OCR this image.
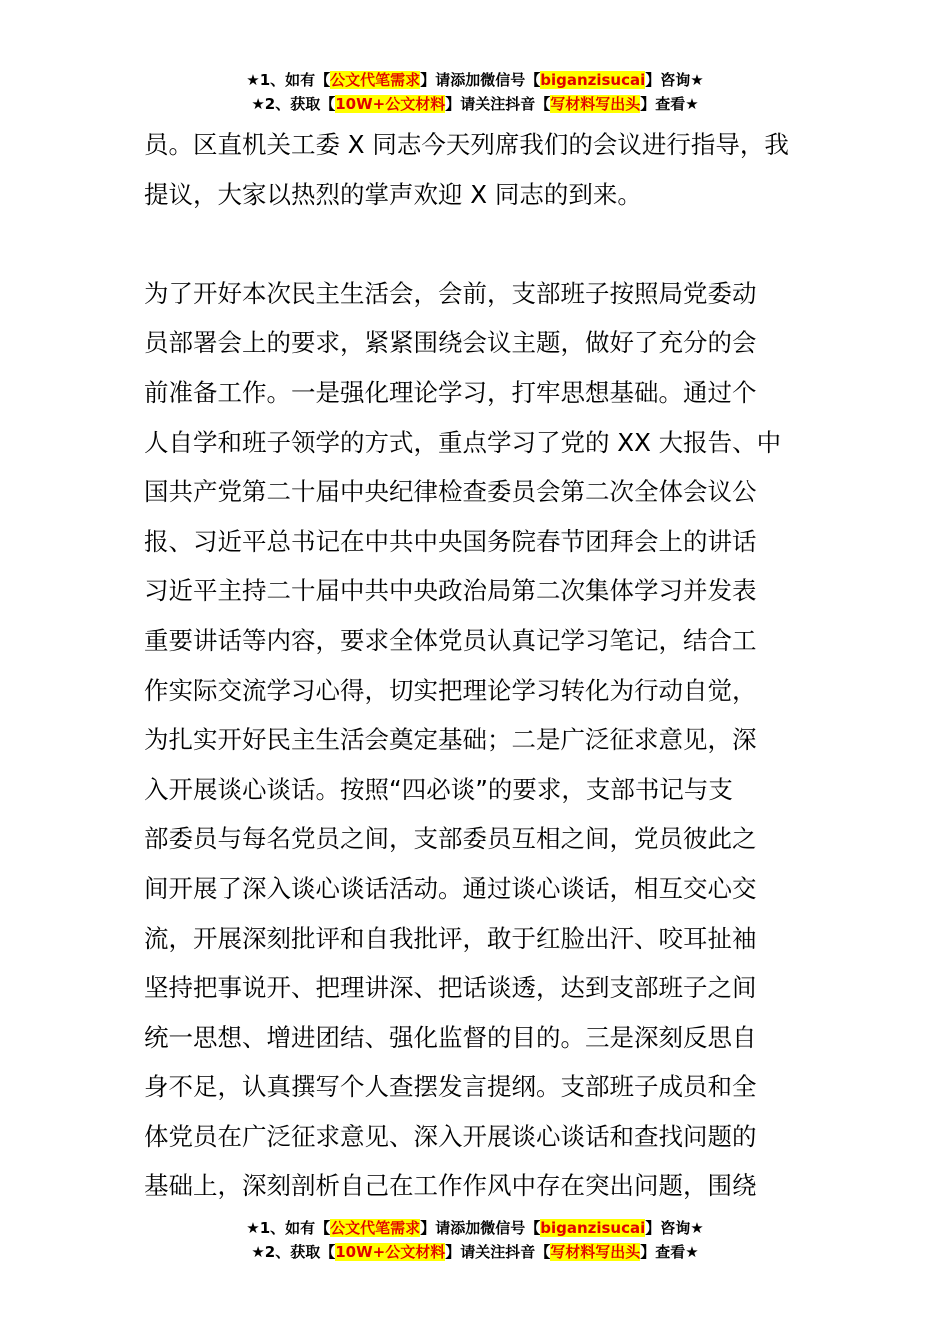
★1、如有【公文代笔需求】请添加微信号【biganzisucai】咨询★
★2、获取【10W+公文材料】请关注抖音【写材料写出头】查看★
员。区直机关工委 X 同志今天列席我们的会议进行指导，我
提议，大家以热烈的掌声欢迎 X 同志的到来。
为了开好本次民主生活会，会前，支部班子按照局党委动
员部署会上的要求，紧紧围绕会议主题，做好了充分的会
前准备工作。一是强化理论学习，打牢思想基础。通过个
人自学和班子领学的方式，重点学习了党的 XX 大报告、中
国共产党第二十届中央纪律检查委员会第二次全体会议公
报、习近平总书记在中共中央国务院春节团拜会上的讲话
习近平主持二十届中共中央政治局第二次集体学习并发表
重要讲话等内容，要求全体党员认真记学习笔记，结合工
作实际交流学习心得，切实把理论学习转化为行动自觉，
为扎实开好民主生活会奠定基础；二是广泛征求意见，深
入开展谈心谈话。按照“四必谈”的要求，支部书记与支
部委员与每名党员之间，支部委员互相之间，党员彼此之
间开展了深入谈心谈话活动。通过谈心谈话，相互交心交
流，开展深刻批评和自我批评，敢于红脸出汗、咬耳扯袖
坚持把事说开、把理讲深、把话谈透，达到支部班子之间
统一思想、增进团结、强化监督的目的。三是深刻反思自
身不足，认真撰写个人查摆发言提纲。支部班子成员和全
体党员在广泛征求意见、深入开展谈心谈话和查找问题的
基础上，深刻剖析自己在工作作风中存在突出问题，围绕
★1、如有【公文代笔需求】请添加微信号【biganzisucai】咨询★
★2、获取【10W+公文材料】请关注抖音【写材料写出头】查看★
